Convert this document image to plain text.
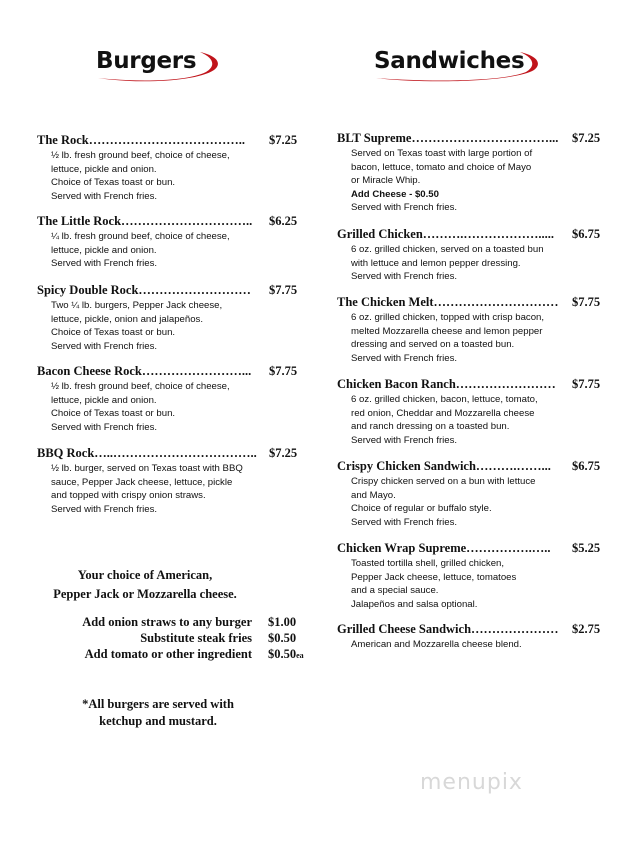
Burgers	Sandwiches
The Rock………………………………..	$7.25
½ lb. fresh ground beef, choice of cheese,
lettuce, pickle and onion.
Choice of Texas toast or bun.
Served with French fries.
The Little Rock…………………………..	$6.25
¼ lb. fresh ground beef, choice of cheese,
lettuce, pickle and onion.
Served with French fries.
Spicy Double Rock………………………	$7.75
Two ¼ lb. burgers, Pepper Jack cheese,
lettuce, pickle, onion and jalapeños.
Choice of Texas toast or bun.
Served with French fries.
Bacon Cheese Rock……………………...	$7.75
½ lb. fresh ground beef, choice of cheese,
lettuce, pickle and onion.
Choice of Texas toast or bun.
Served with French fries.
BBQ Rock…..…………………………….. $7.25
½ lb. burger, served on Texas toast with BBQ
sauce, Pepper Jack cheese, lettuce, pickle
and topped with crispy onion straws.
Served with French fries.
Your choice of American,
Pepper Jack or Mozzarella cheese.
Add onion straws to any burger $1.00
Substitute steak fries $0.50
Add tomato or other ingredient $0.50ea
*All burgers are served with
ketchup and mustard.
BLT Supreme……………………………...	$7.25
Served on Texas toast with large portion of
bacon, lettuce, tomato and choice of Mayo
or Miracle Whip.
Add Cheese - $0.50
Served with French fries.
Grilled Chicken……….……………….....	$6.75
6 oz. grilled chicken, served on a toasted bun
with lettuce and lemon pepper dressing.
Served with French fries.
The Chicken Melt…………………………	$7.75
6 oz. grilled chicken, topped with crisp bacon,
melted Mozzarella cheese and lemon pepper
dressing and served on a toasted bun.
Served with French fries.
Chicken Bacon Ranch……………………	$7.75
6 oz. grilled chicken, bacon, lettuce, tomato,
red onion, Cheddar and Mozzarella cheese
and ranch dressing on a toasted bun.
Served with French fries.
Crispy Chicken Sandwich……….……...	$6.75
Crispy chicken served on a bun with lettuce
and Mayo.
Choice of regular or buffalo style.
Served with French fries.
Chicken Wrap Supreme…………….…..	$5.25
Toasted tortilla shell, grilled chicken,
Pepper Jack cheese, lettuce, tomatoes
and a special sauce.
Jalapeños and salsa optional.
Grilled Cheese Sandwich…………………	$2.75
American and Mozzarella cheese blend.
menupix
